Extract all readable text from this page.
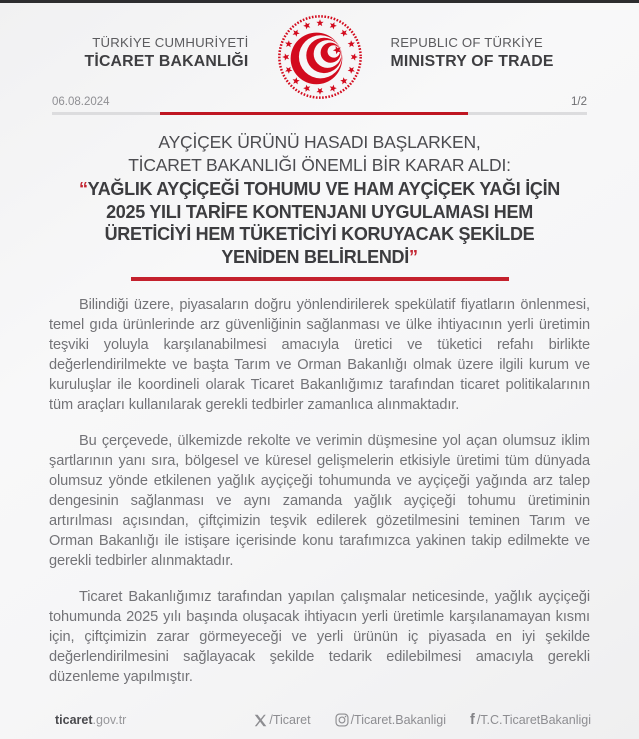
TÜRKİYE CUMHURİYETİ
TİCARET BAKANLIĞI
REPUBLIC OF TÜRKİYE
MINISTRY OF TRADE
06.08.2024	1/2
AYÇİÇEK ÜRÜNÜ HASADI BAŞLARKEN,
TİCARET BAKANLIĞI ÖNEMLİ BİR KARAR ALDI:
“YAĞLIK AYÇİÇEĞİ TOHUMU VE HAM AYÇİÇEK YAĞI İÇİN
2025 YILI TARİFE KONTENJANI UYGULAMASI HEM
ÜRETİCİYİ HEM TÜKETİCİYİ KORUYACAK ŞEKİLDE
YENİDEN BELİRLENDİ”

Bilindiği üzere, piyasaların doğru yönlendirilerek spekülatif fiyatların önlenmesi, temel gıda ürünlerinde arz güvenliğinin sağlanması ve ülke ihtiyacının yerli üretimin teşviki yoluyla karşılanabilmesi amacıyla üretici ve tüketici refahı birlikte değerlendirilmekte ve başta Tarım ve Orman Bakanlığı olmak üzere ilgili kurum ve kuruluşlar ile koordineli olarak Ticaret Bakanlığımız tarafından ticaret politikalarının tüm araçları kullanılarak gerekli tedbirler zamanlıca alınmaktadır.

Bu çerçevede, ülkemizde rekolte ve verimin düşmesine yol açan olumsuz iklim şartlarının yanı sıra, bölgesel ve küresel gelişmelerin etkisiyle üretimi tüm dünyada olumsuz yönde etkilenen yağlık ayçiçeği tohumunda ve ayçiçeği yağında arz talep dengesinin sağlanması ve aynı zamanda yağlık ayçiçeği tohumu üretiminin artırılması açısından, çiftçimizin teşvik edilerek gözetilmesini teminen Tarım ve Orman Bakanlığı ile istişare içerisinde konu tarafımızca yakinen takip edilmekte ve gerekli tedbirler alınmaktadır.

Ticaret Bakanlığımız tarafından yapılan çalışmalar neticesinde, yağlık ayçiçeği tohumunda 2025 yılı başında oluşacak ihtiyacın yerli üretimle karşılanamayan kısmı için, çiftçimizin zarar görmeyeceği ve yerli ürünün iç piyasada en iyi şekilde değerlendirilmesini sağlayacak şekilde tedarik edilebilmesi amacıyla gerekli düzenleme yapılmıştır.

ticaret.gov.tr	/Ticaret	/Ticaret.Bakanligi f /T.C.TicaretBakanligi
